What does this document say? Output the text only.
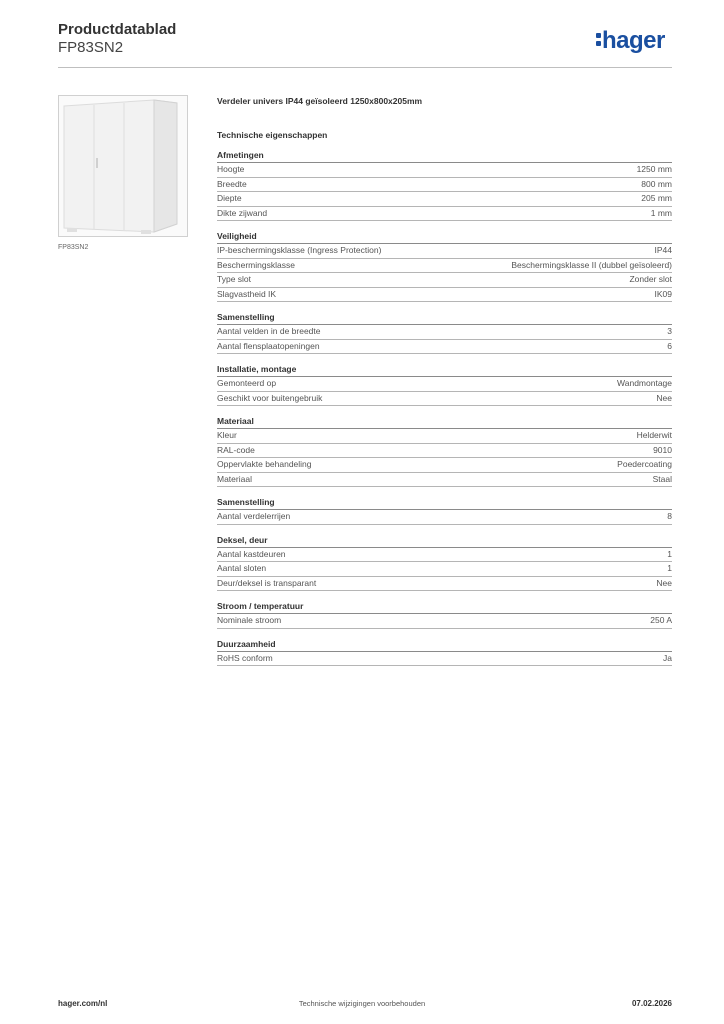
Productdatablad
FP83SN2	hager
FP83SN2
Verdeler univers IP44 geïsoleerd 1250x800x205mm
Technische eigenschappen
Afmetingen
Hoogte	1250 mm
Breedte	800 mm
Diepte	205 mm
Dikte zijwand	1 mm
Veiligheid
IP-beschermingsklasse (Ingress Protection)	IP44
Beschermingsklasse	Beschermingsklasse II (dubbel geïsoleerd)
Type slot	Zonder slot
Slagvastheid IK	IK09
Samenstelling
Aantal velden in de breedte	3
Aantal flensplaatopeningen	6
Installatie, montage
Gemonteerd op	Wandmontage
Geschikt voor buitengebruik	Nee
Materiaal
Kleur	Helderwit
RAL-code	9010
Oppervlakte behandeling	Poedercoating
Materiaal	Staal
Samenstelling
Aantal verdelerrijen	8
Deksel, deur
Aantal kastdeuren	1
Aantal sloten	1
Deur/deksel is transparant	Nee
Stroom / temperatuur
Nominale stroom	250 A
Duurzaamheid
RoHS conform	Ja
hager.com/nl	Technische wijzigingen voorbehouden	07.02.2026
